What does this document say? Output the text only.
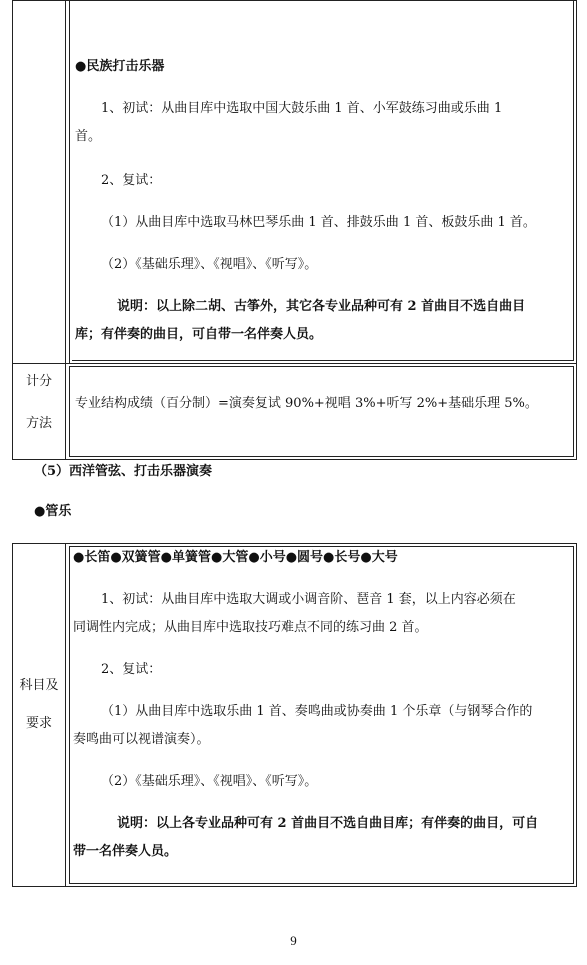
●民族打击乐器
1、初试：从曲目库中选取中国大鼓乐曲 1 首、小军鼓练习曲或乐曲 1
首。
2、复试：
（1）从曲目库中选取马林巴琴乐曲 1 首、排鼓乐曲 1 首、板鼓乐曲 1 首。
（2）《基础乐理》、《视唱》、《听写》。
说明：以上除二胡、古筝外，其它各专业品种可有 2 首曲目不选自曲目
库；有伴奏的曲目，可自带一名伴奏人员。
计分
方法
专业结构成绩（百分制）=演奏复试 90%+视唱 3%+听写 2%+基础乐理 5%。
（5）西洋管弦、打击乐器演奏
●管乐
科目及
要求
●长笛●双簧管●单簧管●大管●小号●圆号●长号●大号
1、初试：从曲目库中选取大调或小调音阶、琶音 1 套，以上内容必须在
同调性内完成；从曲目库中选取技巧难点不同的练习曲 2 首。
2、复试：
（1）从曲目库中选取乐曲 1 首、奏鸣曲或协奏曲 1 个乐章（与钢琴合作的
奏鸣曲可以视谱演奏）。
（2）《基础乐理》、《视唱》、《听写》。
说明：以上各专业品种可有 2 首曲目不选自曲目库；有伴奏的曲目，可自
带一名伴奏人员。
9
